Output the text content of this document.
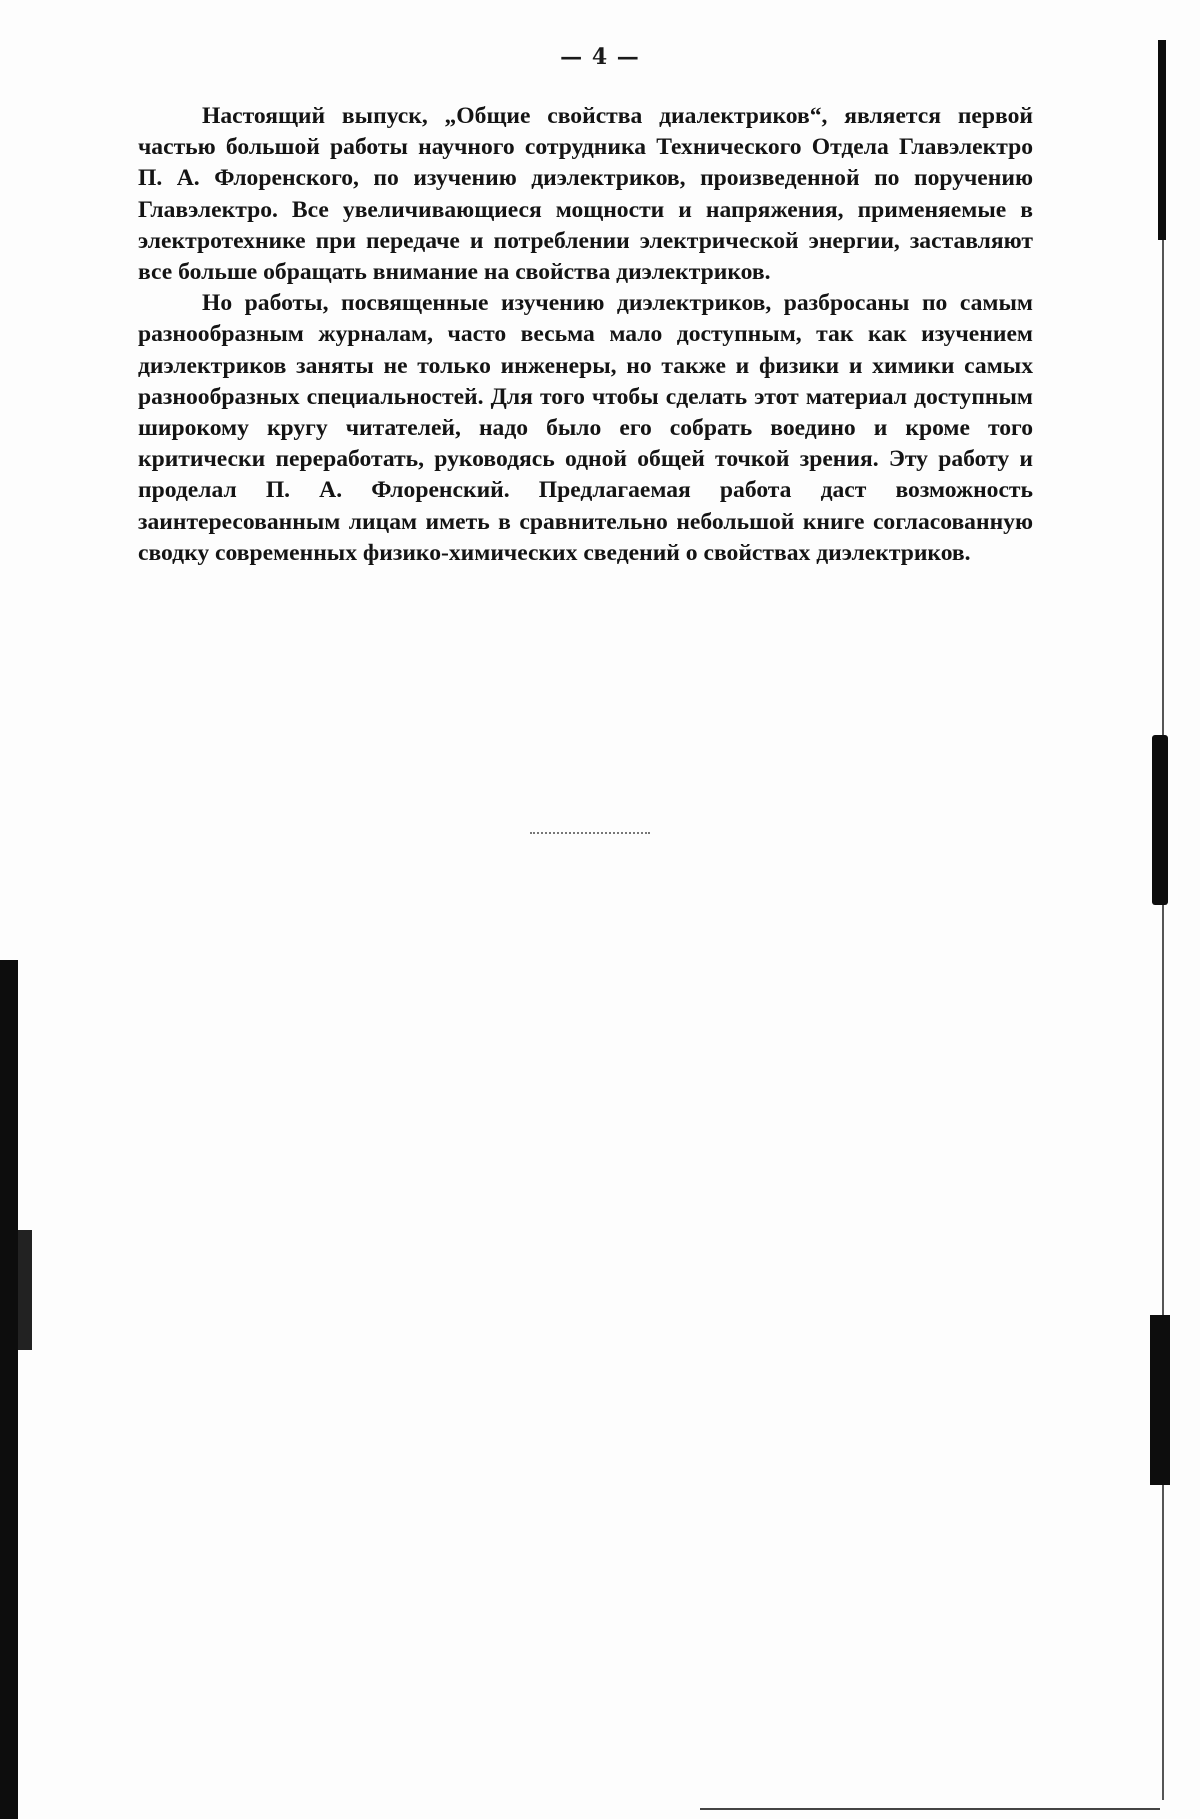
— 4 —

Настоящий выпуск, „Общие свойства диалектриков“, является первой частью большой работы научного сотрудника Технического Отдела Главэлектро П. А. Флоренского, по изучению диэлектриков, произведенной по поручению Главэлектро. Все увеличивающиеся мощности и напряжения, применяемые в электротехнике при передаче и потреблении электрической энергии, заставляют все больше обращать внимание на свойства диэлектриков.

Но работы, посвященные изучению диэлектриков, разбросаны по самым разнообразным журналам, часто весьма мало доступным, так как изучением диэлектриков заняты не только инженеры, но также и физики и химики самых разнообразных специальностей. Для того чтобы сделать этот материал доступным широкому кругу читателей, надо было его собрать воедино и кроме того критически переработать, руководясь одной общей точкой зрения. Эту работу и проделал П. А. Флоренский. Предлагаемая работа даст возможность заинтересованным лицам иметь в сравнительно небольшой книге согласованную сводку современных физико-химических сведений о свойствах диэлектриков.
